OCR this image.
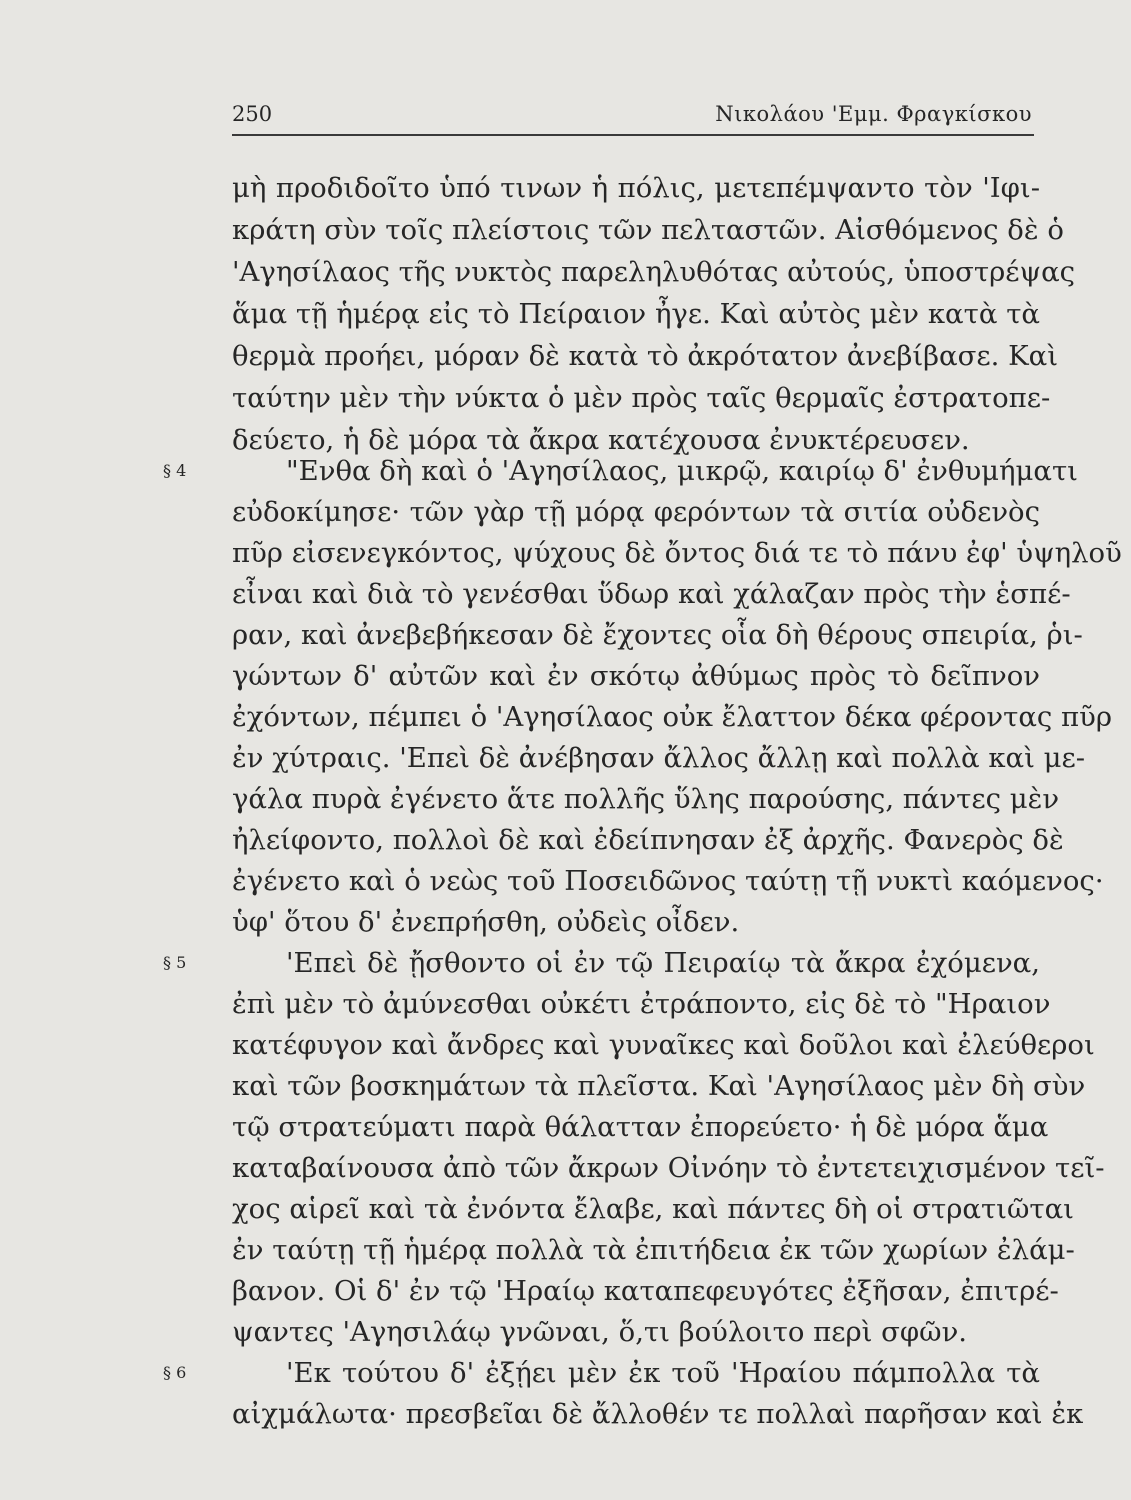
250	Νικολάου 'Εμμ. Φραγκίσκου
μὴ προδιδοῖτο ὑπό τινων ἡ πόλις, μετεπέμψαντο τὸν 'Ιφι-
κράτη σὺν τοῖς πλείστοις τῶν πελταστῶν. Αἰσθόμενος δὲ ὁ
'Αγησίλαος τῆς νυκτὸς παρεληλυθότας αὐτούς, ὑποστρέψας
ἅμα τῇ ἡμέρᾳ εἰς τὸ Πείραιον ἦγε. Καὶ αὐτὸς μὲν κατὰ τὰ
θερμὰ προήει, μόραν δὲ κατὰ τὸ ἀκρότατον ἀνεβίβασε. Καὶ
ταύτην μὲν τὴν νύκτα ὁ μὲν πρὸς ταῖς θερμαῖς ἐστρατοπε-
δεύετο, ἡ δὲ μόρα τὰ ἄκρα κατέχουσα ἐνυκτέρευσεν.
§ 4	"Ενθα δὴ καὶ ὁ 'Αγησίλαος, μικρῷ, καιρίῳ δ' ἐνθυμήματι
εὐδοκίμησε· τῶν γὰρ τῇ μόρᾳ φερόντων τὰ σιτία οὐδενὸς
πῦρ εἰσενεγκόντος, ψύχους δὲ ὄντος διά τε τὸ πάνυ ἐφ' ὑψηλοῦ
εἶναι καὶ διὰ τὸ γενέσθαι ὕδωρ καὶ χάλαζαν πρὸς τὴν ἑσπέ-
ραν, καὶ ἀνεβεβήκεσαν δὲ ἔχοντες οἷα δὴ θέρους σπειρία, ῥι-
γώντων δ' αὐτῶν καὶ ἐν σκότῳ ἀθύμως πρὸς τὸ δεῖπνον
ἐχόντων, πέμπει ὁ 'Αγησίλαος οὐκ ἔλαττον δέκα φέροντας πῦρ
ἐν χύτραις. 'Επεὶ δὲ ἀνέβησαν ἄλλος ἄλλῃ καὶ πολλὰ καὶ με-
γάλα πυρὰ ἐγένετο ἅτε πολλῆς ὕλης παρούσης, πάντες μὲν
ἠλείφοντο, πολλοὶ δὲ καὶ ἐδείπνησαν ἐξ ἀρχῆς. Φανερὸς δὲ
ἐγένετο καὶ ὁ νεὼς τοῦ Ποσειδῶνος ταύτῃ τῇ νυκτὶ καόμενος·
ὑφ' ὅτου δ' ἐνεπρήσθη, οὐδεὶς οἶδεν.
§ 5	'Επεὶ δὲ ᾔσθοντο οἱ ἐν τῷ Πειραίῳ τὰ ἄκρα ἐχόμενα,
ἐπὶ μὲν τὸ ἀμύνεσθαι οὐκέτι ἐτράποντο, εἰς δὲ τὸ "Ηραιον
κατέφυγον καὶ ἄνδρες καὶ γυναῖκες καὶ δοῦλοι καὶ ἐλεύθεροι
καὶ τῶν βοσκημάτων τὰ πλεῖστα. Καὶ 'Αγησίλαος μὲν δὴ σὺν
τῷ στρατεύματι παρὰ θάλατταν ἐπορεύετο· ἡ δὲ μόρα ἅμα
καταβαίνουσα ἀπὸ τῶν ἄκρων Οἰνόην τὸ ἐντετειχισμένον τεῖ-
χος αἱρεῖ καὶ τὰ ἐνόντα ἔλαβε, καὶ πάντες δὴ οἱ στρατιῶται
ἐν ταύτῃ τῇ ἡμέρᾳ πολλὰ τὰ ἐπιτήδεια ἐκ τῶν χωρίων ἐλάμ-
βανον. Οἱ δ' ἐν τῷ 'Ηραίῳ καταπεφευγότες ἐξῆσαν, ἐπιτρέ-
ψαντες 'Αγησιλάῳ γνῶναι, ὅ,τι βούλοιτο περὶ σφῶν.
§ 6	'Εκ τούτου δ' ἐξῄει μὲν ἐκ τοῦ 'Ηραίου πάμπολλα τὰ
αἰχμάλωτα· πρεσβεῖαι δὲ ἄλλοθέν τε πολλαὶ παρῆσαν καὶ ἐκ
